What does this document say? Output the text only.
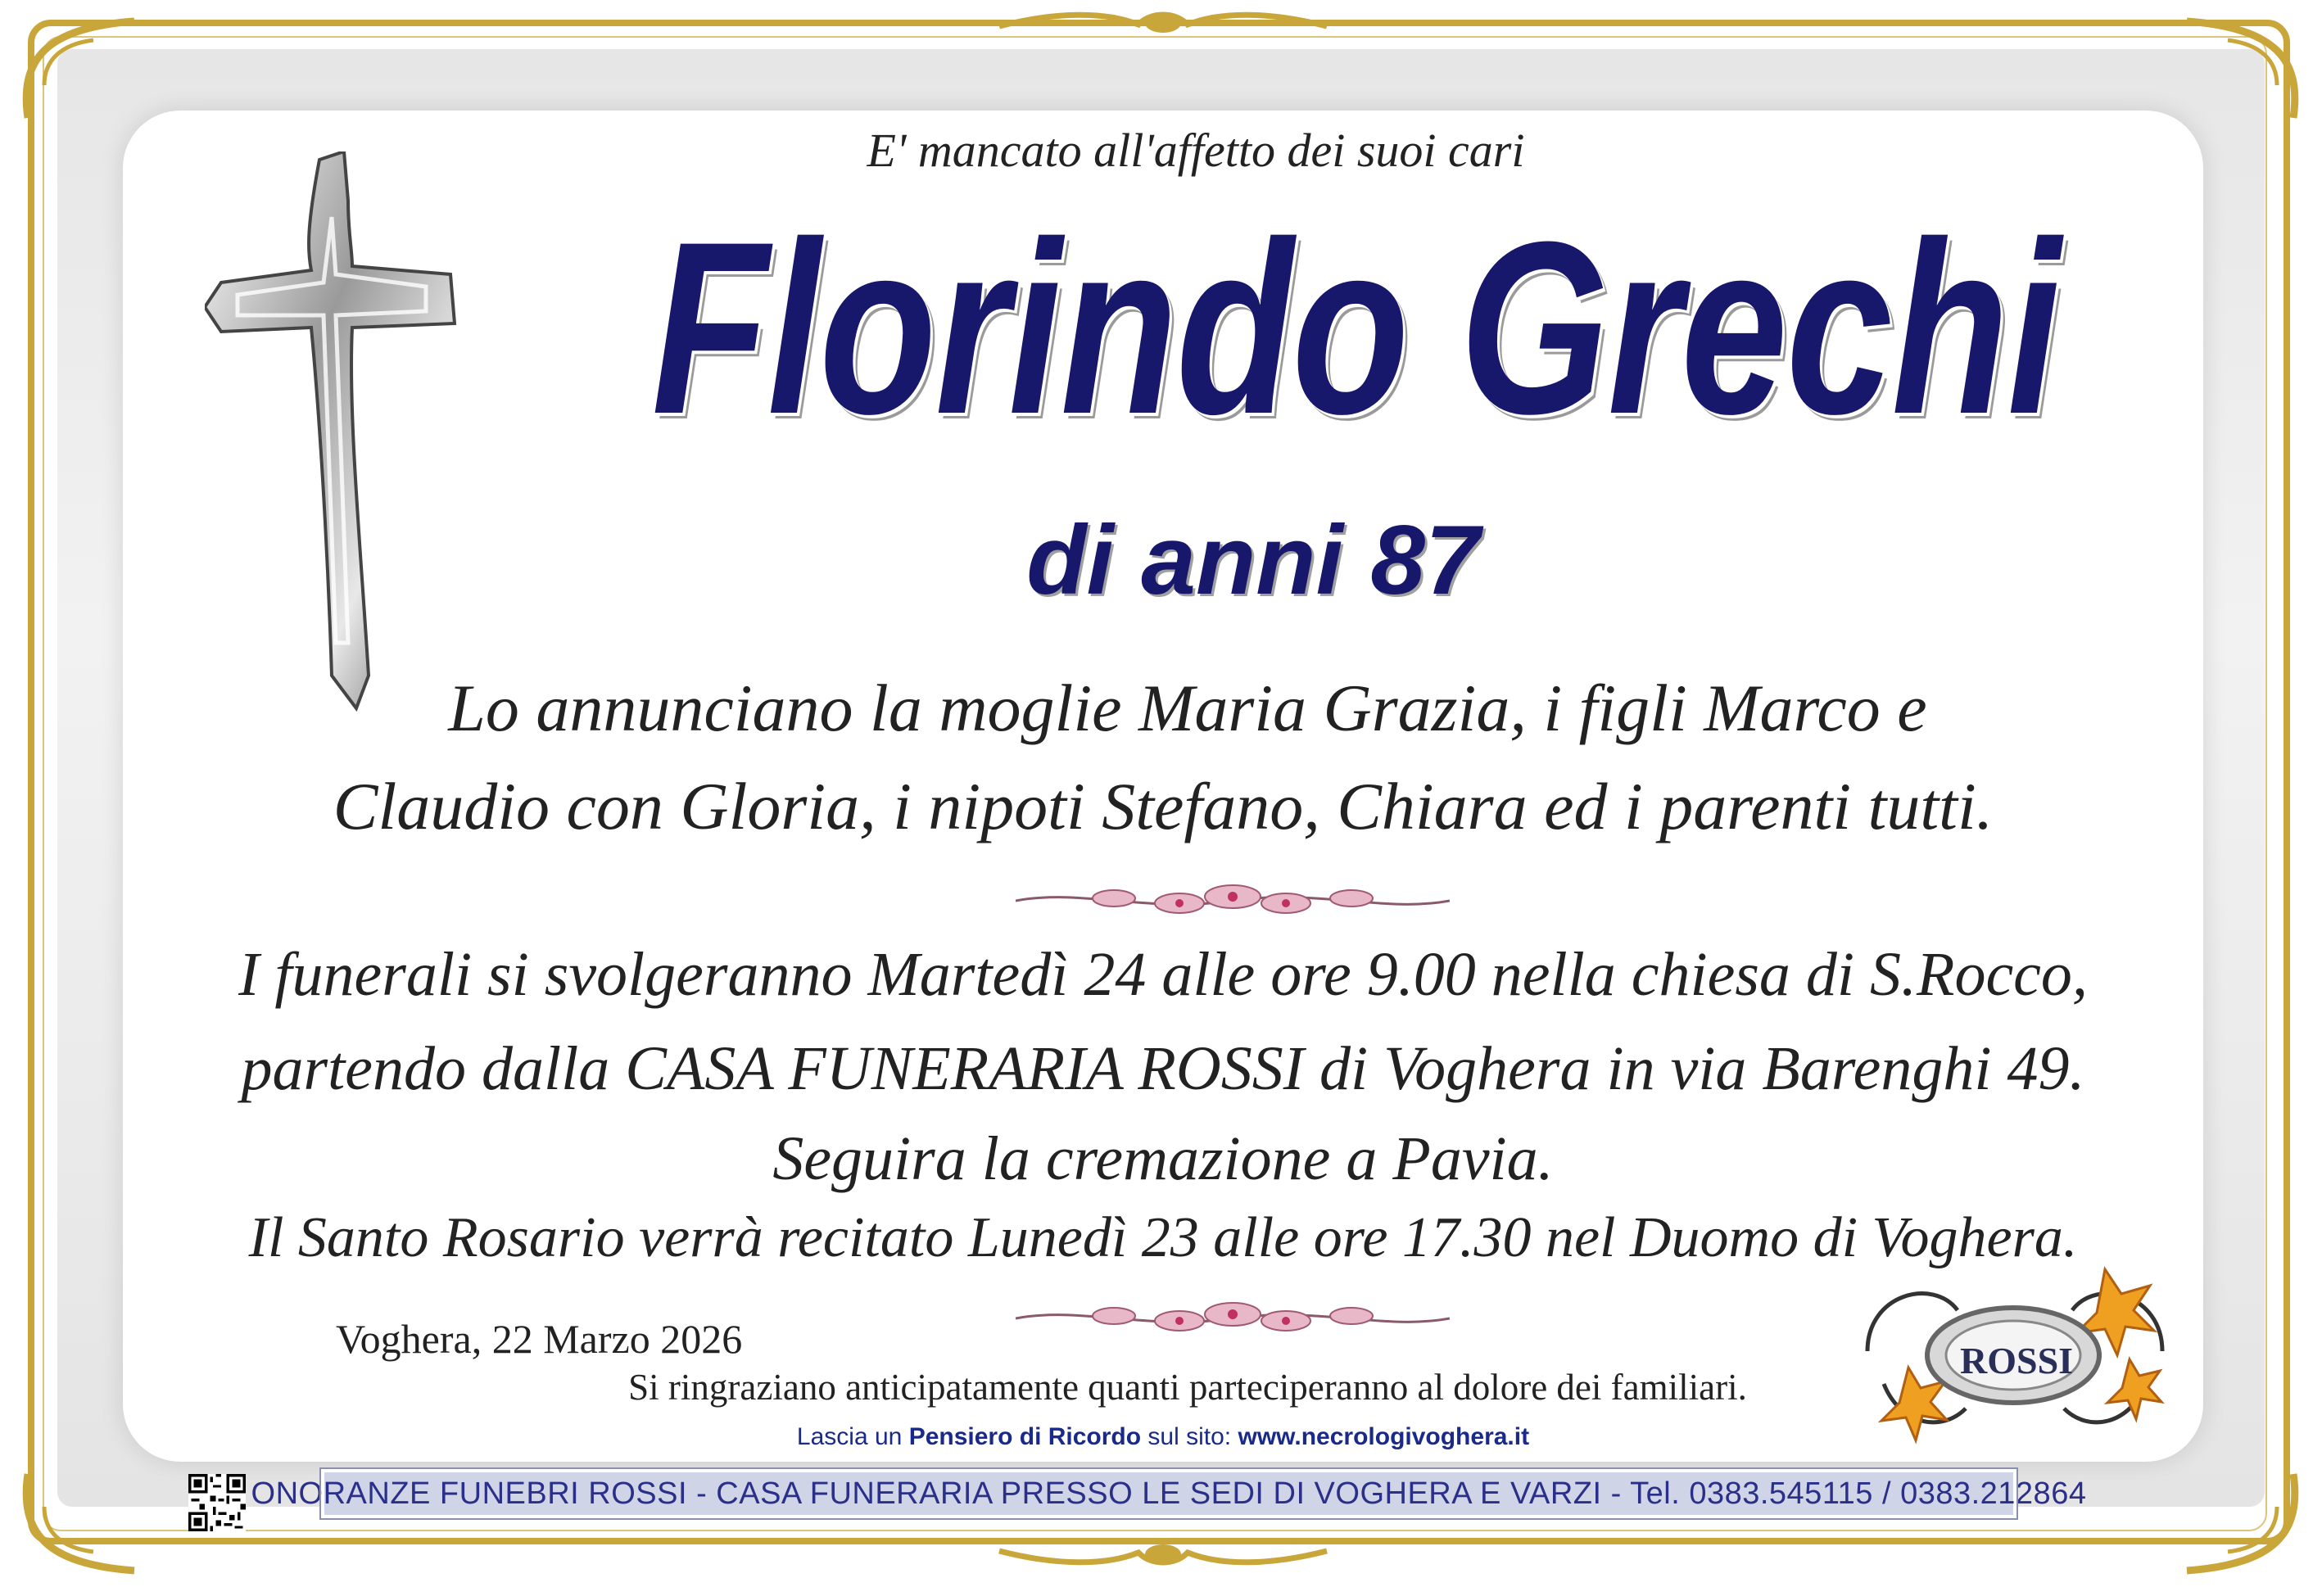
E' mancato all'affetto dei suoi cari
Florindo Grechi
di anni 87
Lo annunciano la moglie Maria Grazia, i figli Marco e
Claudio con Gloria, i nipoti Stefano, Chiara ed i parenti tutti.
I funerali si svolgeranno Martedì 24 alle ore 9.00 nella chiesa di S.Rocco,
partendo dalla CASA FUNERARIA ROSSI di Voghera in via Barenghi 49.
Seguira la cremazione a Pavia.
Il Santo Rosario verrà recitato Lunedì 23 alle ore 17.30 nel Duomo di Voghera.
Voghera, 22 Marzo 2026
Si ringraziano anticipatamente quanti parteciperanno al dolore dei familiari.
Lascia un Pensiero di Ricordo sul sito: www.necrologivoghera.it
ROSSI
ONORANZE FUNEBRI ROSSI - CASA FUNERARIA PRESSO LE SEDI DI VOGHERA E VARZI - Tel. 0383.545115 / 0383.212864
